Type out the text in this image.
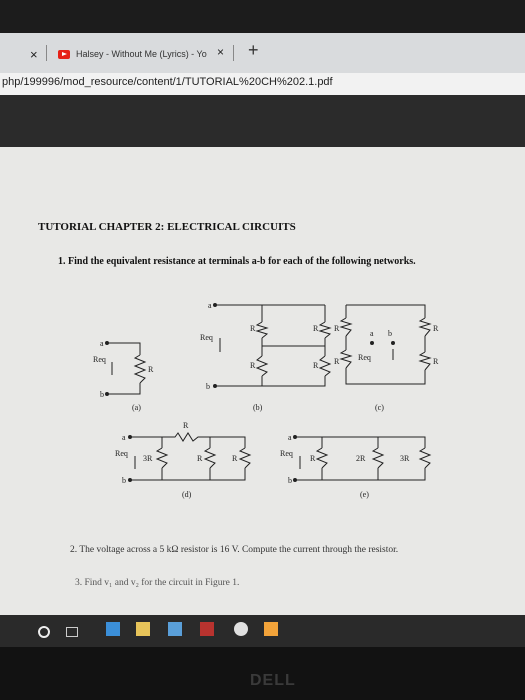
×	Halsey - Without Me (Lyrics) - Yo × +
php/199996/mod_resource/content/1/TUTORIAL%20CH%202.1.pdf
TUTORIAL CHAPTER 2: ELECTRICAL CIRCUITS
1. Find the equivalent resistance at terminals a-b for each of the following networks.
a
b
Req
R
(a)
a
b
Req
R	R
R	R
(b)
R	R
R	R
a b
Req
(c)
a
b
Req
R
3R	R	R
(d)
a
b
Req
R	2R	3R
(e)
2. The voltage across a 5 kΩ resistor is 16 V. Compute the current through the resistor.
3. Find v₁ and v₂ for the circuit in Figure 1.
DELL
